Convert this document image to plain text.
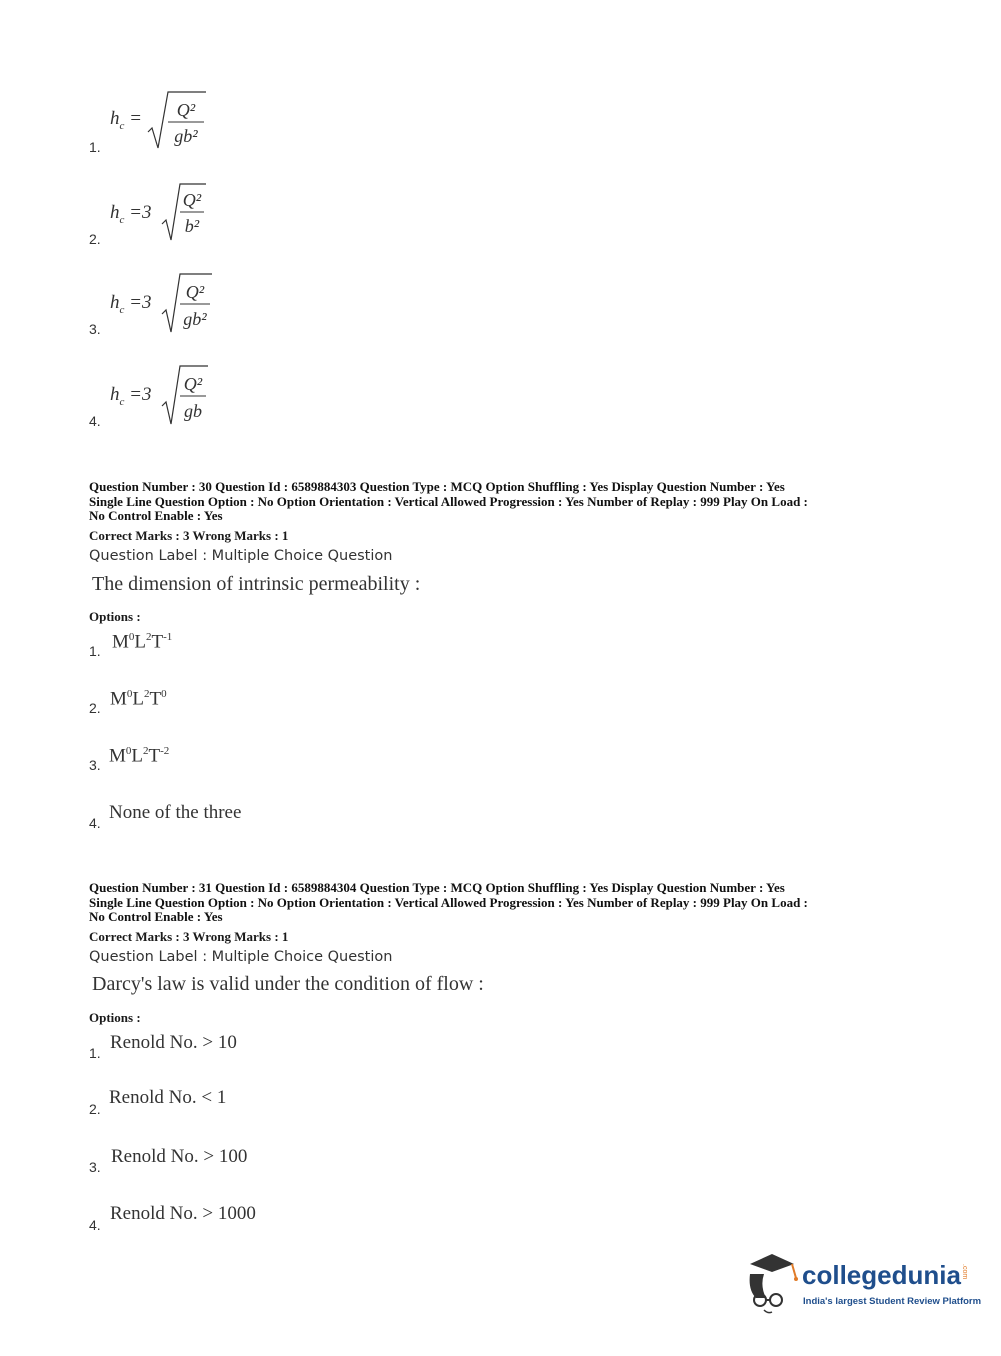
1.
$h_c = Q^2$
gb²
2.
$h_c =3$
Q²
b²
3.
$h_c =3$ Q²
gb²
4.
$h_c =3$ Q²
gb
Question Number : 30 Question Id : 6589884303 Question Type : MCQ Option Shuffling : Yes Display Question Number : Yes
Single Line Question Option : No Option Orientation : Vertical Allowed Progression : Yes Number of Replay : 999 Play On Load :
No Control Enable : Yes
Correct Marks : 3 Wrong Marks : 1
Question Label : Multiple Choice Question
The dimension of intrinsic permeability :
Options :
1. $M^0L^2T^{-1}$
2. $M^0L^2T^0$
3. $M^0L^2T^{-2}$
4. None of the three
Question Number : 31 Question Id : 6589884304 Question Type : MCQ Option Shuffling : Yes Display Question Number : Yes
Single Line Question Option : No Option Orientation : Vertical Allowed Progression : Yes Number of Replay : 999 Play On Load :
No Control Enable : Yes
Correct Marks : 3 Wrong Marks : 1
Question Label : Multiple Choice Question
Darcy's law is valid under the condition of flow :
Options :
1. Renold No. > 10
2.
Renold No. < 1
3. Renold No. > 100
4.
Renold No. > 1000
collegedunia .com
India's largest Student Review Platform
